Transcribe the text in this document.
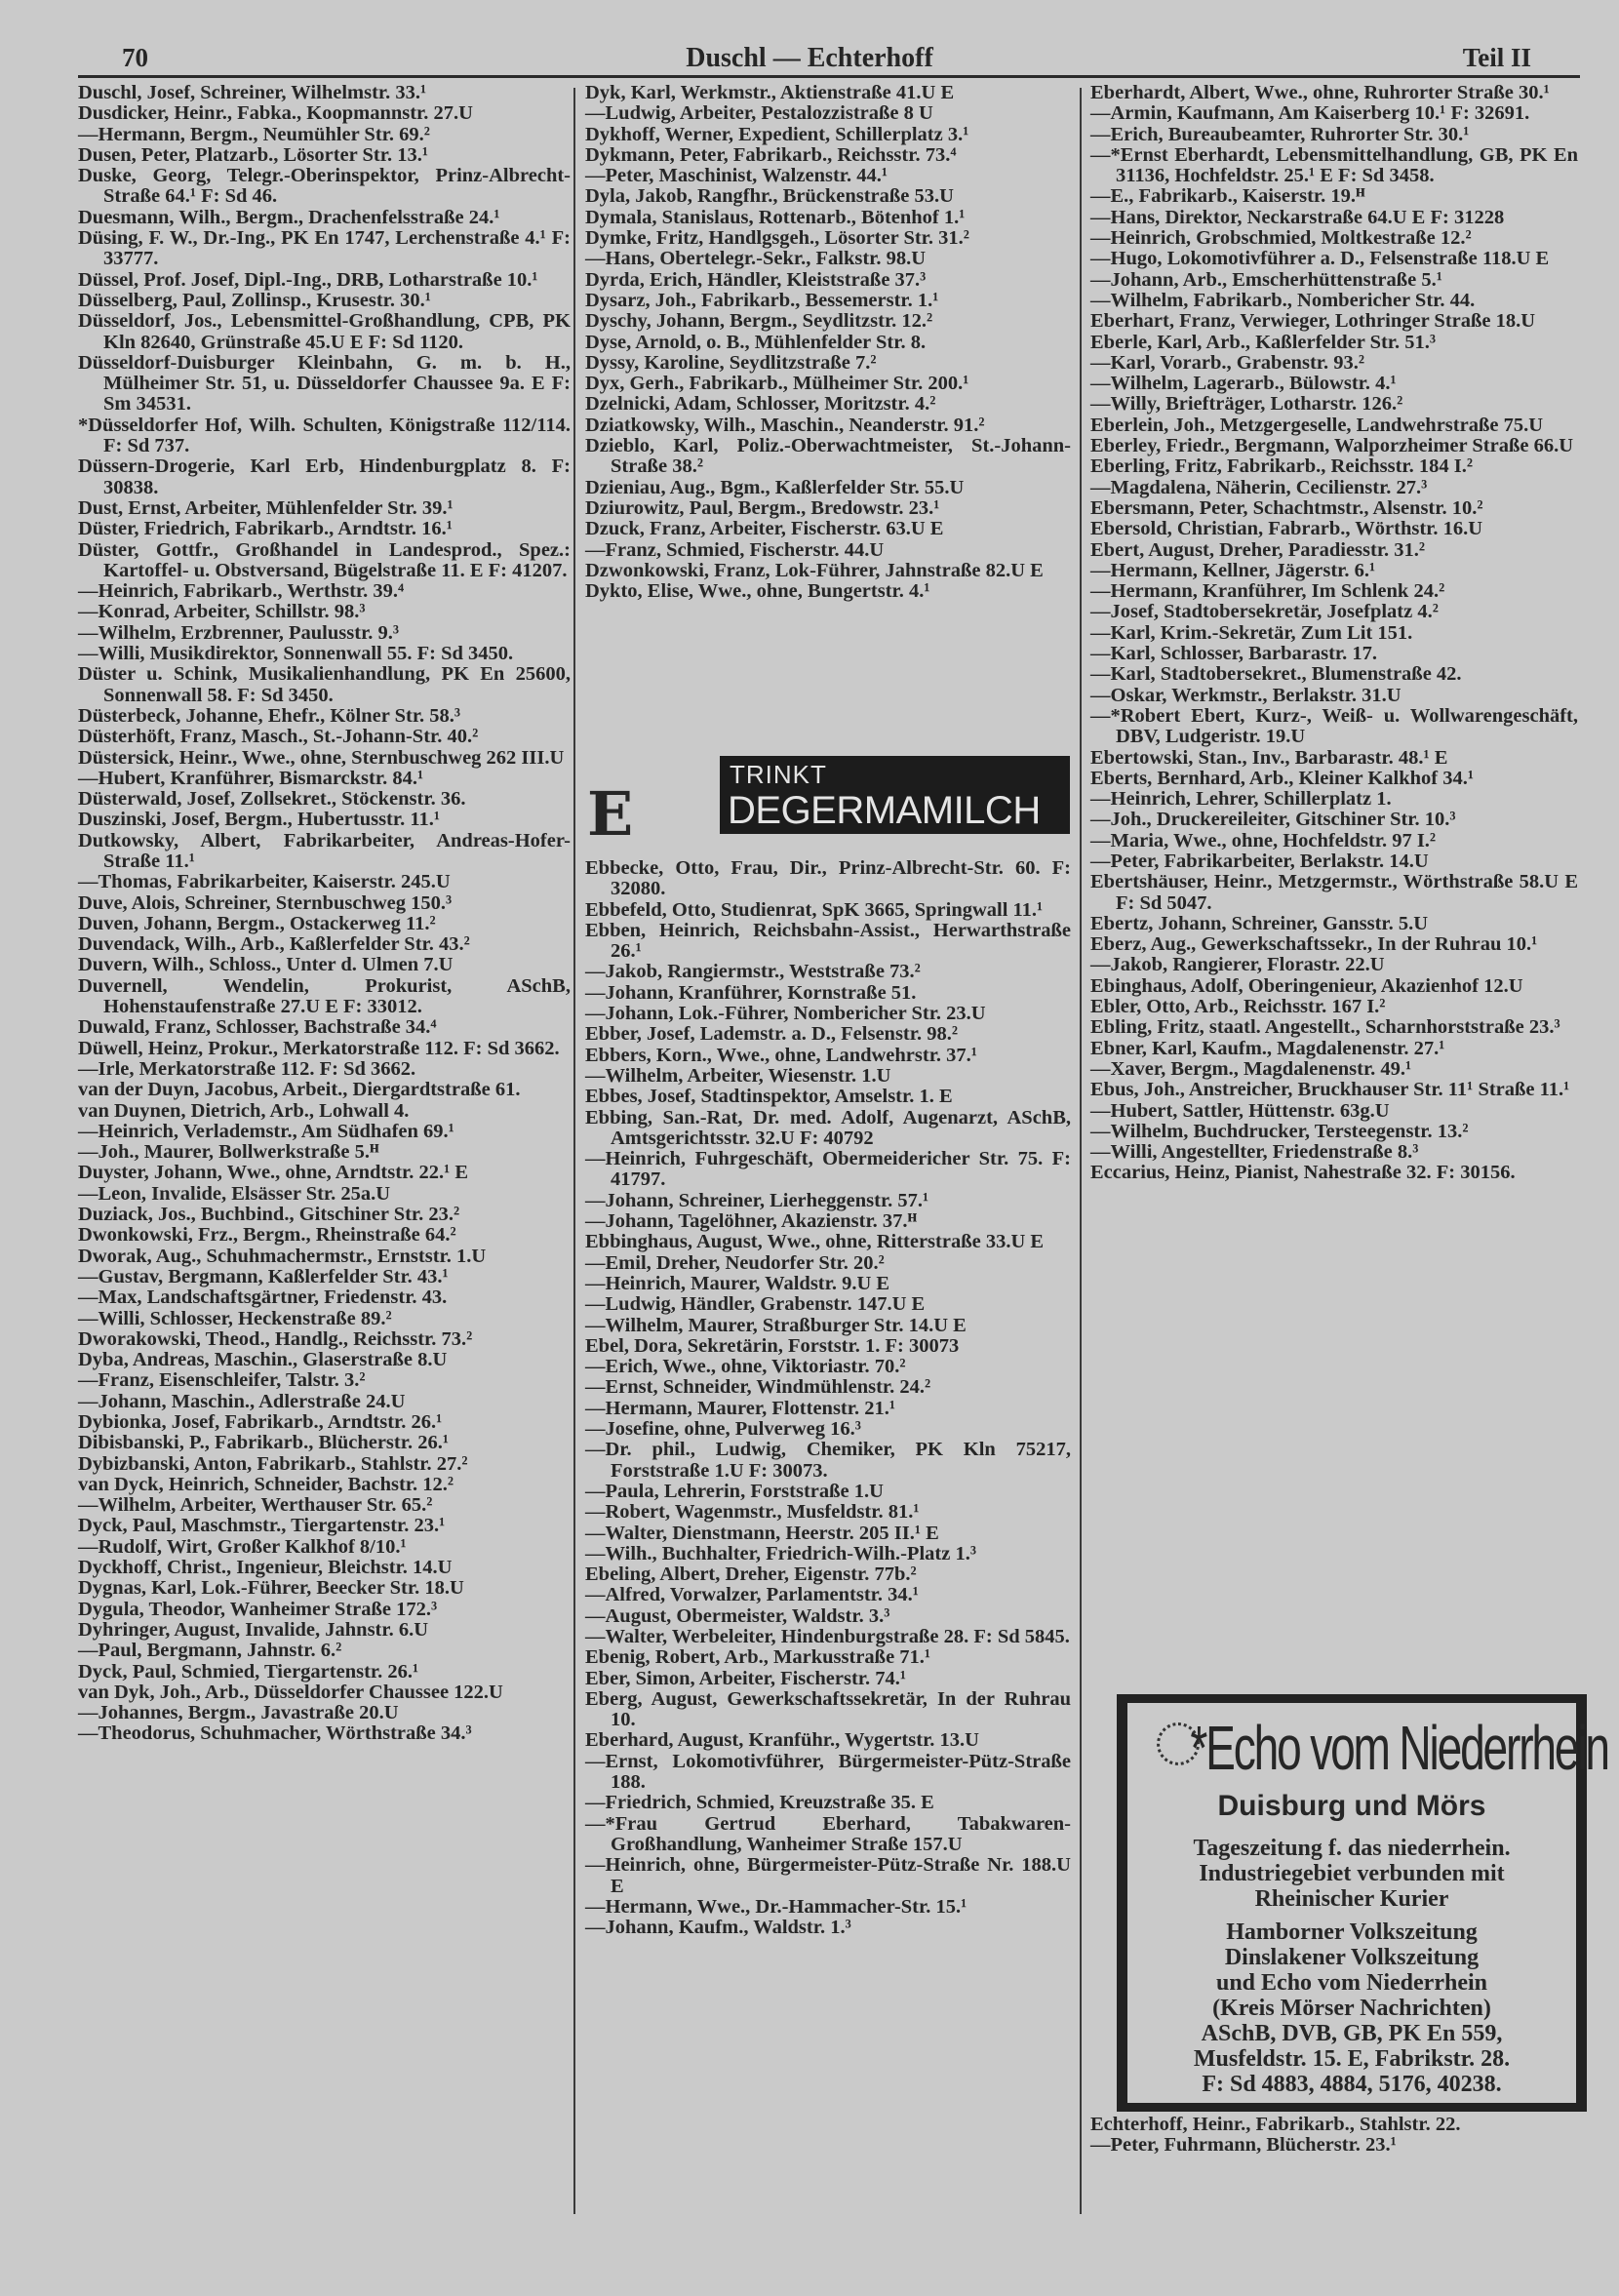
70	Duschl — Echterhoff	Teil II
Duschl, Josef, Schreiner, Wilhelmstr. 33.¹
Dusdicker, Heinr., Fabka., Koopmannstr. 27.U
—Hermann, Bergm., Neumühler Str. 69.²
Dusen, Peter, Platzarb., Lösorter Str. 13.¹
Duske, Georg, Telegr.-Oberinspektor, Prinz-Albrecht-Straße 64.¹ F: Sd 46.
Duesmann, Wilh., Bergm., Drachenfelsstraße 24.¹
Düsing, F. W., Dr.-Ing., PK En 1747, Lerchenstraße 4.¹ F: 33777.
Düssel, Prof. Josef, Dipl.-Ing., DRB, Lotharstraße 10.¹
Düsselberg, Paul, Zollinsp., Krusestr. 30.¹
Düsseldorf, Jos., Lebensmittel-Großhandlung, CPB, PK Kln 82640, Grünstraße 45.U E F: Sd 1120.
Düsseldorf-Duisburger Kleinbahn, G. m. b. H., Mülheimer Str. 51, u. Düsseldorfer Chaussee 9a. E F: Sm 34531.
*Düsseldorfer Hof, Wilh. Schulten, Königstraße 112/114. F: Sd 737.
Düssern-Drogerie, Karl Erb, Hindenburgplatz 8. F: 30838.
Dust, Ernst, Arbeiter, Mühlenfelder Str. 39.¹
Düster, Friedrich, Fabrikarb., Arndtstr. 16.¹
Düster, Gottfr., Großhandel in Landesprod., Spez.: Kartoffel- u. Obstversand, Bügelstraße 11. E F: 41207.
—Heinrich, Fabrikarb., Werthstr. 39.⁴
—Konrad, Arbeiter, Schillstr. 98.³
—Wilhelm, Erzbrenner, Paulusstr. 9.³
—Willi, Musikdirektor, Sonnenwall 55. F: Sd 3450.
Düster u. Schink, Musikalienhandlung, PK En 25600, Sonnenwall 58. F: Sd 3450.
Düsterbeck, Johanne, Ehefr., Kölner Str. 58.³
Düsterhöft, Franz, Masch., St.-Johann-Str. 40.²
Düstersick, Heinr., Wwe., ohne, Sternbuschweg 262 III.U
—Hubert, Kranführer, Bismarckstr. 84.¹
Düsterwald, Josef, Zollsekret., Stöckenstr. 36.
Duszinski, Josef, Bergm., Hubertusstr. 11.¹
Dutkowsky, Albert, Fabrikarbeiter, Andreas-Hofer-Straße 11.¹
—Thomas, Fabrikarbeiter, Kaiserstr. 245.U
Duve, Alois, Schreiner, Sternbuschweg 150.³
Duven, Johann, Bergm., Ostackerweg 11.²
Duvendack, Wilh., Arb., Kaßlerfelder Str. 43.²
Duvern, Wilh., Schloss., Unter d. Ulmen 7.U
Duvernell, Wendelin, Prokurist, ASchB, Hohenstaufenstraße 27.U E F: 33012.
Duwald, Franz, Schlosser, Bachstraße 34.⁴
Düwell, Heinz, Prokur., Merkatorstraße 112. F: Sd 3662.
—Irle, Merkatorstraße 112. F: Sd 3662.
van der Duyn, Jacobus, Arbeit., Diergardtstraße 61.
van Duynen, Dietrich, Arb., Lohwall 4.
—Heinrich, Verlademstr., Am Südhafen 69.¹
—Joh., Maurer, Bollwerkstraße 5.ᴴ
Duyster, Johann, Wwe., ohne, Arndtstr. 22.¹ E
—Leon, Invalide, Elsässer Str. 25a.U
Duziack, Jos., Buchbind., Gitschiner Str. 23.²
Dwonkowski, Frz., Bergm., Rheinstraße 64.²
Dworak, Aug., Schuhmachermstr., Ernststr. 1.U
—Gustav, Bergmann, Kaßlerfelder Str. 43.¹
—Max, Landschaftsgärtner, Friedenstr. 43.
—Willi, Schlosser, Heckenstraße 89.²
Dworakowski, Theod., Handlg., Reichsstr. 73.²
Dyba, Andreas, Maschin., Glaserstraße 8.U
—Franz, Eisenschleifer, Talstr. 3.²
—Johann, Maschin., Adlerstraße 24.U
Dybionka, Josef, Fabrikarb., Arndtstr. 26.¹
Dibisbanski, P., Fabrikarb., Blücherstr. 26.¹
Dybizbanski, Anton, Fabrikarb., Stahlstr. 27.²
van Dyck, Heinrich, Schneider, Bachstr. 12.²
—Wilhelm, Arbeiter, Werthauser Str. 65.²
Dyck, Paul, Maschmstr., Tiergartenstr. 23.¹
—Rudolf, Wirt, Großer Kalkhof 8/10.¹
Dyckhoff, Christ., Ingenieur, Bleichstr. 14.U
Dygnas, Karl, Lok.-Führer, Beecker Str. 18.U
Dygula, Theodor, Wanheimer Straße 172.³
Dyhringer, August, Invalide, Jahnstr. 6.U
—Paul, Bergmann, Jahnstr. 6.²
Dyck, Paul, Schmied, Tiergartenstr. 26.¹
van Dyk, Joh., Arb., Düsseldorfer Chaussee 122.U
—Johannes, Bergm., Javastraße 20.U
—Theodorus, Schuhmacher, Wörthstraße 34.³
Dyk, Karl, Werkmstr., Aktienstraße 41.U E
—Ludwig, Arbeiter, Pestalozzistraße 8 U
Dykhoff, Werner, Expedient, Schillerplatz 3.¹
Dykmann, Peter, Fabrikarb., Reichsstr. 73.⁴
—Peter, Maschinist, Walzenstr. 44.¹
Dyla, Jakob, Rangfhr., Brückenstraße 53.U
Dymala, Stanislaus, Rottenarb., Bötenhof 1.¹
Dymke, Fritz, Handlgsgeh., Lösorter Str. 31.²
—Hans, Obertelegr.-Sekr., Falkstr. 98.U
Dyrda, Erich, Händler, Kleiststraße 37.³
Dysarz, Joh., Fabrikarb., Bessemerstr. 1.¹
Dyschy, Johann, Bergm., Seydlitzstr. 12.²
Dyse, Arnold, o. B., Mühlenfelder Str. 8.
Dyssy, Karoline, Seydlitzstraße 7.²
Dyx, Gerh., Fabrikarb., Mülheimer Str. 200.¹
Dzelnicki, Adam, Schlosser, Moritzstr. 4.²
Dziatkowsky, Wilh., Maschin., Neanderstr. 91.²
Dzieblo, Karl, Poliz.-Oberwachtmeister, St.-Johann-Straße 38.²
Dzieniau, Aug., Bgm., Kaßlerfelder Str. 55.U
Dziurowitz, Paul, Bergm., Bredowstr. 23.¹
Dzuck, Franz, Arbeiter, Fischerstr. 63.U E
—Franz, Schmied, Fischerstr. 44.U
Dzwonkowski, Franz, Lok-Führer, Jahnstraße 82.U E
Dykto, Elise, Wwe., ohne, Bungertstr. 4.¹
E
TRINKT
DEGERMAMILCH
Ebbecke, Otto, Frau, Dir., Prinz-Albrecht-Str. 60. F: 32080.
Ebbefeld, Otto, Studienrat, SpK 3665, Springwall 11.¹
Ebben, Heinrich, Reichsbahn-Assist., Herwarthstraße 26.¹
—Jakob, Rangiermstr., Weststraße 73.²
—Johann, Kranführer, Kornstraße 51.
—Johann, Lok.-Führer, Nombericher Str. 23.U
Ebber, Josef, Lademstr. a. D., Felsenstr. 98.²
Ebbers, Korn., Wwe., ohne, Landwehrstr. 37.¹
—Wilhelm, Arbeiter, Wiesenstr. 1.U
Ebbes, Josef, Stadtinspektor, Amselstr. 1. E
Ebbing, San.-Rat, Dr. med. Adolf, Augenarzt, ASchB, Amtsgerichtsstr. 32.U F: 40792
—Heinrich, Fuhrgeschäft, Obermeidericher Str. 75. F: 41797.
—Johann, Schreiner, Lierheggenstr. 57.¹
—Johann, Tagelöhner, Akazienstr. 37.ᴴ
Ebbinghaus, August, Wwe., ohne, Ritterstraße 33.U E
—Emil, Dreher, Neudorfer Str. 20.²
—Heinrich, Maurer, Waldstr. 9.U E
—Ludwig, Händler, Grabenstr. 147.U E
—Wilhelm, Maurer, Straßburger Str. 14.U E
Ebel, Dora, Sekretärin, Forststr. 1. F: 30073
—Erich, Wwe., ohne, Viktoriastr. 70.²
—Ernst, Schneider, Windmühlenstr. 24.²
—Hermann, Maurer, Flottenstr. 21.¹
—Josefine, ohne, Pulverweg 16.³
—Dr. phil., Ludwig, Chemiker, PK Kln 75217, Forststraße 1.U F: 30073.
—Paula, Lehrerin, Forststraße 1.U
—Robert, Wagenmstr., Musfeldstr. 81.¹
—Walter, Dienstmann, Heerstr. 205 II.¹ E
—Wilh., Buchhalter, Friedrich-Wilh.-Platz 1.³
Ebeling, Albert, Dreher, Eigenstr. 77b.²
—Alfred, Vorwalzer, Parlamentstr. 34.¹
—August, Obermeister, Waldstr. 3.³
—Walter, Werbeleiter, Hindenburgstraße 28. F: Sd 5845.
Ebenig, Robert, Arb., Markusstraße 71.¹
Eber, Simon, Arbeiter, Fischerstr. 74.¹
Eberg, August, Gewerkschaftssekretär, In der Ruhrau 10.
Eberhard, August, Kranführ., Wygertstr. 13.U
—Ernst, Lokomotivführer, Bürgermeister-Pütz-Straße 188.
—Friedrich, Schmied, Kreuzstraße 35. E
—*Frau Gertrud Eberhard, Tabakwaren-Großhandlung, Wanheimer Straße 157.U
—Heinrich, ohne, Bürgermeister-Pütz-Straße Nr. 188.U E
—Hermann, Wwe., Dr.-Hammacher-Str. 15.¹
—Johann, Kaufm., Waldstr. 1.³
Eberhardt, Albert, Wwe., ohne, Ruhrorter Straße 30.¹
—Armin, Kaufmann, Am Kaiserberg 10.¹ F: 32691.
—Erich, Bureaubeamter, Ruhrorter Str. 30.¹
—*Ernst Eberhardt, Lebensmittelhandlung, GB, PK En 31136, Hochfeldstr. 25.¹ E F: Sd 3458.
—E., Fabrikarb., Kaiserstr. 19.ᴴ
—Hans, Direktor, Neckarstraße 64.U E F: 31228
—Heinrich, Grobschmied, Moltkestraße 12.²
—Hugo, Lokomotivführer a. D., Felsenstraße 118.U E
—Johann, Arb., Emscherhüttenstraße 5.¹
—Wilhelm, Fabrikarb., Nombericher Str. 44.
Eberhart, Franz, Verwieger, Lothringer Straße 18.U
Eberle, Karl, Arb., Kaßlerfelder Str. 51.³
—Karl, Vorarb., Grabenstr. 93.²
—Wilhelm, Lagerarb., Bülowstr. 4.¹
—Willy, Briefträger, Lotharstr. 126.²
Eberlein, Joh., Metzgergeselle, Landwehrstraße 75.U
Eberley, Friedr., Bergmann, Walporzheimer Straße 66.U
Eberling, Fritz, Fabrikarb., Reichsstr. 184 I.²
—Magdalena, Näherin, Cecilienstr. 27.³
Ebersmann, Peter, Schachtmstr., Alsenstr. 10.²
Ebersold, Christian, Fabrarb., Wörthstr. 16.U
Ebert, August, Dreher, Paradiesstr. 31.²
—Hermann, Kellner, Jägerstr. 6.¹
—Hermann, Kranführer, Im Schlenk 24.²
—Josef, Stadtobersekretär, Josefplatz 4.²
—Karl, Krim.-Sekretär, Zum Lit 151.
—Karl, Schlosser, Barbarastr. 17.
—Karl, Stadtobersekret., Blumenstraße 42.
—Oskar, Werkmstr., Berlakstr. 31.U
—*Robert Ebert, Kurz-, Weiß- u. Wollwarengeschäft, DBV, Ludgeristr. 19.U
Ebertowski, Stan., Inv., Barbarastr. 48.¹ E
Eberts, Bernhard, Arb., Kleiner Kalkhof 34.¹
—Heinrich, Lehrer, Schillerplatz 1.
—Joh., Druckereileiter, Gitschiner Str. 10.³
—Maria, Wwe., ohne, Hochfeldstr. 97 I.²
—Peter, Fabrikarbeiter, Berlakstr. 14.U
Ebertshäuser, Heinr., Metzgermstr., Wörthstraße 58.U E F: Sd 5047.
Ebertz, Johann, Schreiner, Gansstr. 5.U
Eberz, Aug., Gewerkschaftssekr., In der Ruhrau 10.¹
—Jakob, Rangierer, Florastr. 22.U
Ebinghaus, Adolf, Oberingenieur, Akazienhof 12.U
Ebler, Otto, Arb., Reichsstr. 167 I.²
Ebling, Fritz, staatl. Angestellt., Scharnhorststraße 23.³
Ebner, Karl, Kaufm., Magdalenenstr. 27.¹
—Xaver, Bergm., Magdalenenstr. 49.¹
Ebus, Joh., Anstreicher, Bruckhauser Str. 11¹ Straße 11.¹
—Hubert, Sattler, Hüttenstr. 63g.U
—Wilhelm, Buchdrucker, Tersteegenstr. 13.²
—Willi, Angestellter, Friedenstraße 8.³
Eccarius, Heinz, Pianist, Nahestraße 32. F: 30156.
*Echo vom Niederrhein
Duisburg und Mörs
Tageszeitung f. das niederrhein.
Industriegebiet verbunden mit
Rheinischer Kurier
Hamborner Volkszeitung
Dinslakener Volkszeitung
und Echo vom Niederrhein
(Kreis Mörser Nachrichten)
ASchB, DVB, GB, PK En 559,
Musfeldstr. 15. E, Fabrikstr. 28.
F: Sd 4883, 4884, 5176, 40238.
Echterhoff, Heinr., Fabrikarb., Stahlstr. 22.
—Peter, Fuhrmann, Blücherstr. 23.¹
